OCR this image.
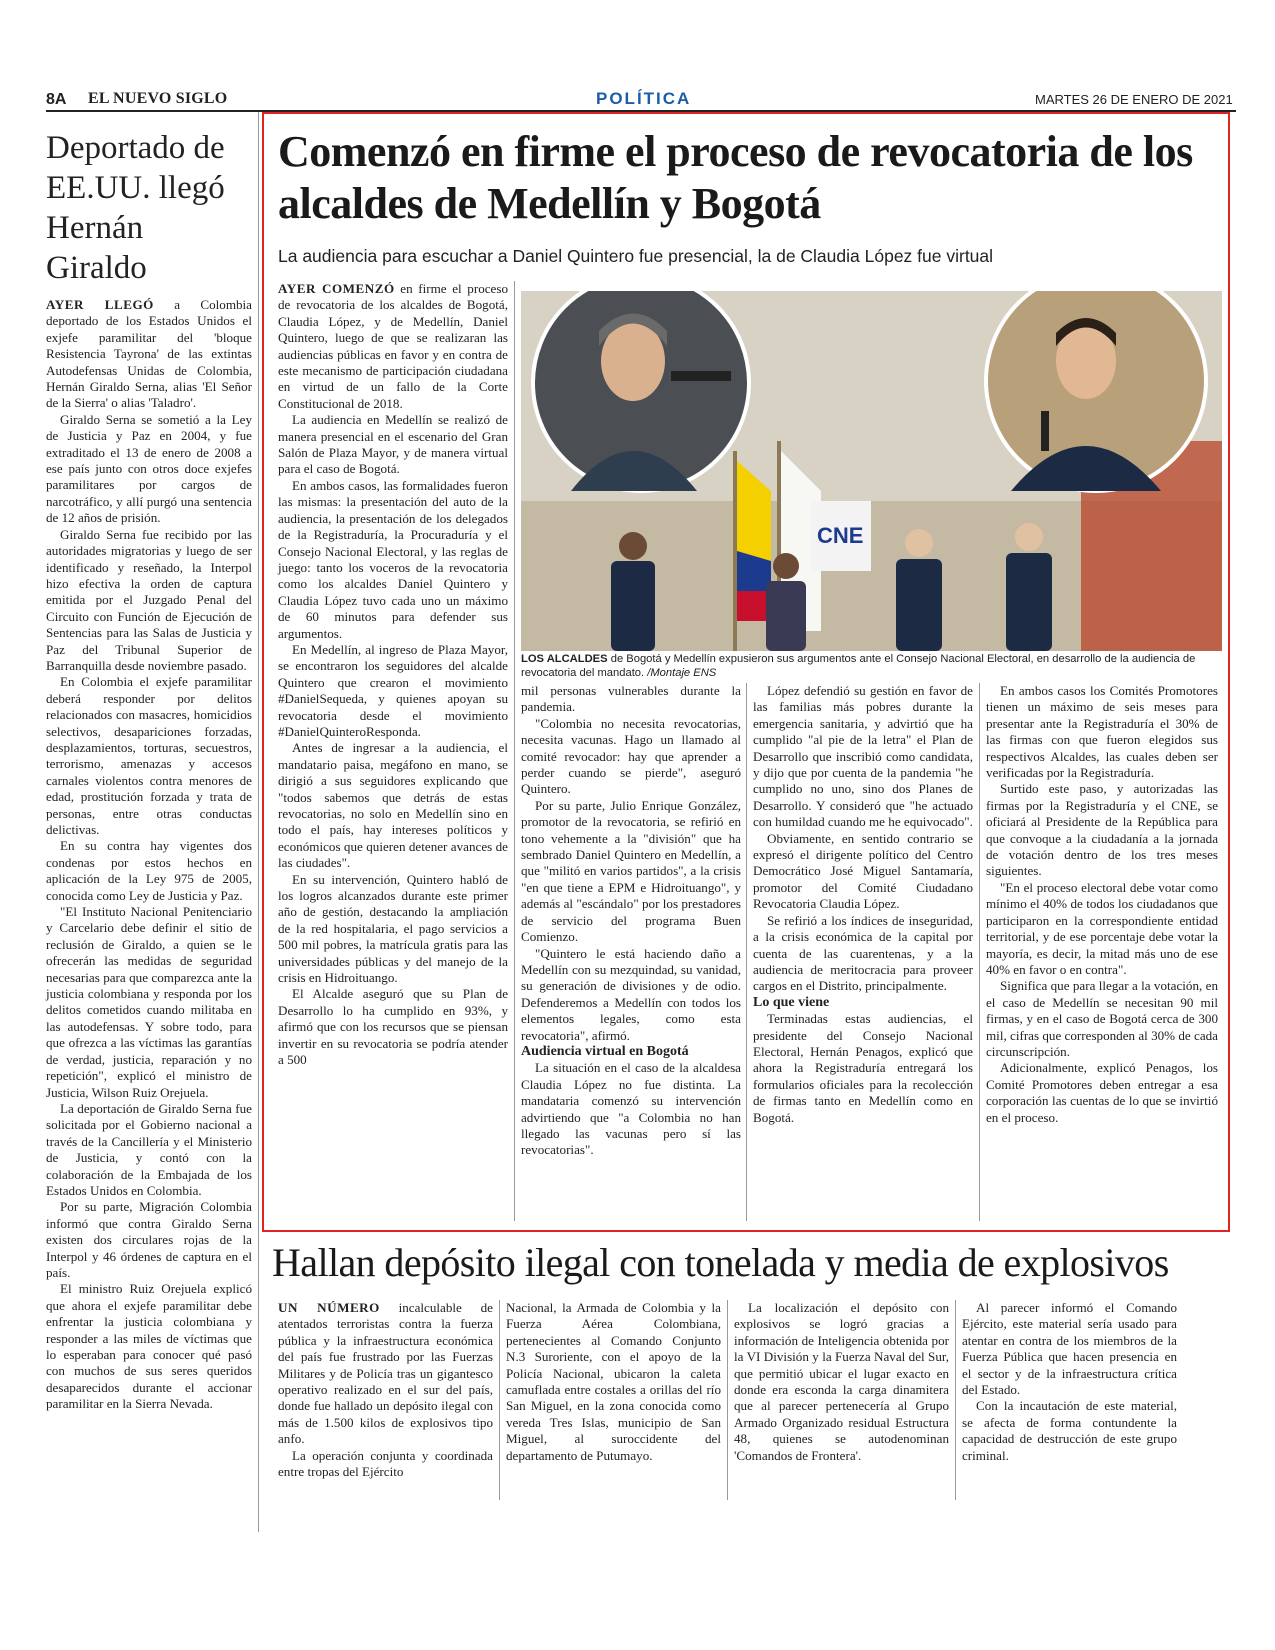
8A EL NUEVO SIGLO	POLÍTICA	MARTES 26 DE ENERO DE 2021
Deportado de EE.UU. llegó Hernán Giraldo

AYER LLEGÓ a Colombia deportado de los Estados Unidos el exjefe paramilitar del 'bloque Resistencia Tayrona' de las extintas Autodefensas Unidas de Colombia, Hernán Giraldo Serna, alias 'El Señor de la Sierra' o alias 'Taladro'.

Giraldo Serna se sometió a la Ley de Justicia y Paz en 2004, y fue extraditado el 13 de enero de 2008 a ese país junto con otros doce exjefes paramilitares por cargos de narcotráfico, y allí purgó una sentencia de 12 años de prisión.

Giraldo Serna fue recibido por las autoridades migratorias y luego de ser identificado y reseñado, la Interpol hizo efectiva la orden de captura emitida por el Juzgado Penal del Circuito con Función de Ejecución de Sentencias para las Salas de Justicia y Paz del Tribunal Superior de Barranquilla desde noviembre pasado.

En Colombia el exjefe paramilitar deberá responder por delitos relacionados con masacres, homicidios selectivos, desapariciones forzadas, desplazamientos, torturas, secuestros, terrorismo, amenazas y accesos carnales violentos contra menores de edad, prostitución forzada y trata de personas, entre otras conductas delictivas.

En su contra hay vigentes dos condenas por estos hechos en aplicación de la Ley 975 de 2005, conocida como Ley de Justicia y Paz.

"El Instituto Nacional Penitenciario y Carcelario debe definir el sitio de reclusión de Giraldo, a quien se le ofrecerán las medidas de seguridad necesarias para que comparezca ante la justicia colombiana y responda por los delitos cometidos cuando militaba en las autodefensas. Y sobre todo, para que ofrezca a las víctimas las garantías de verdad, justicia, reparación y no repetición", explicó el ministro de Justicia, Wilson Ruiz Orejuela.

La deportación de Giraldo Serna fue solicitada por el Gobierno nacional a través de la Cancillería y el Ministerio de Justicia, y contó con la colaboración de la Embajada de los Estados Unidos en Colombia.

Por su parte, Migración Colombia informó que contra Giraldo Serna existen dos circulares rojas de la Interpol y 46 órdenes de captura en el país.

El ministro Ruiz Orejuela explicó que ahora el exjefe paramilitar debe enfrentar la justicia colombiana y responder a las miles de víctimas que lo esperaban para conocer qué pasó con muchos de sus seres queridos desaparecidos durante el accionar paramilitar en la Sierra Nevada.

Comenzó en firme el proceso de revocatoria de los alcaldes de Medellín y Bogotá
La audiencia para escuchar a Daniel Quintero fue presencial, la de Claudia López fue virtual

AYER COMENZÓ en firme el proceso de revocatoria de los alcaldes de Bogotá, Claudia López, y de Medellín, Daniel Quintero, luego de que se realizaran las audiencias públicas en favor y en contra de este mecanismo de participación ciudadana en virtud de un fallo de la Corte Constitucional de 2018.

La audiencia en Medellín se realizó de manera presencial en el escenario del Gran Salón de Plaza Mayor, y de manera virtual para el caso de Bogotá.

En ambos casos, las formalidades fueron las mismas: la presentación del auto de la audiencia, la presentación de los delegados de la Registraduría, la Procuraduría y el Consejo Nacional Electoral, y las reglas de juego: tanto los voceros de la revocatoria como los alcaldes Daniel Quintero y Claudia López tuvo cada uno un máximo de 60 minutos para defender sus argumentos.

En Medellín, al ingreso de Plaza Mayor, se encontraron los seguidores del alcalde Quintero que crearon el movimiento #DanielSequeda, y quienes apoyan su revocatoria desde el movimiento #DanielQuinteroResponda.

Antes de ingresar a la audiencia, el mandatario paisa, megáfono en mano, se dirigió a sus seguidores explicando que "todos sabemos que detrás de estas revocatorias, no solo en Medellín sino en todo el país, hay intereses políticos y económicos que quieren detener avances de las ciudades".

En su intervención, Quintero habló de los logros alcanzados durante este primer año de gestión, destacando la ampliación de la red hospitalaria, el pago servicios a 500 mil pobres, la matrícula gratis para las universidades públicas y del manejo de la crisis en Hidroituango.

El Alcalde aseguró que su Plan de Desarrollo lo ha cumplido en 93%, y afirmó que con los recursos que se piensan invertir en su revocatoria se podría atender a 500

CNE
LOS ALCALDES de Bogotá y Medellín expusieron sus argumentos ante el Consejo Nacional Electoral, en desarrollo de la audiencia de revocatoria del mandato. /Montaje ENS

mil personas vulnerables durante la pandemia.

"Colombia no necesita revocatorias, necesita vacunas. Hago un llamado al comité revocador: hay que aprender a perder cuando se pierde", aseguró Quintero.

Por su parte, Julio Enrique González, promotor de la revocatoria, se refirió en tono vehemente a la "división" que ha sembrado Daniel Quintero en Medellín, a que "militó en varios partidos", a la crisis "en que tiene a EPM e Hidroituango", y además al "escándalo" por los prestadores de servicio del programa Buen Comienzo.

"Quintero le está haciendo daño a Medellín con su mezquindad, su vanidad, su generación de divisiones y de odio. Defenderemos a Medellín con todos los elementos legales, como esta revocatoria", afirmó.

Audiencia virtual en Bogotá

La situación en el caso de la alcaldesa Claudia López no fue distinta. La mandataria comenzó su intervención advirtiendo que "a Colombia no han llegado las vacunas pero sí las revocatorias".

López defendió su gestión en favor de las familias más pobres durante la emergencia sanitaria, y advirtió que ha cumplido "al pie de la letra" el Plan de Desarrollo que inscribió como candidata, y dijo que por cuenta de la pandemia "he cumplido no uno, sino dos Planes de Desarrollo. Y consideró que "he actuado con humildad cuando me he equivocado".

Obviamente, en sentido contrario se expresó el dirigente político del Centro Democrático José Miguel Santamaría, promotor del Comité Ciudadano Revocatoria Claudia López.

Se refirió a los índices de inseguridad, a la crisis económica de la capital por cuenta de las cuarentenas, y a la audiencia de meritocracia para proveer cargos en el Distrito, principalmente.

Lo que viene

Terminadas estas audiencias, el presidente del Consejo Nacional Electoral, Hernán Penagos, explicó que ahora la Registraduría entregará los formularios oficiales para la recolección de firmas tanto en Medellín como en Bogotá.

En ambos casos los Comités Promotores tienen un máximo de seis meses para presentar ante la Registraduría el 30% de las firmas con que fueron elegidos sus respectivos Alcaldes, las cuales deben ser verificadas por la Registraduría.

Surtido este paso, y autorizadas las firmas por la Registraduría y el CNE, se oficiará al Presidente de la República para que convoque a la ciudadanía a la jornada de votación dentro de los tres meses siguientes.

"En el proceso electoral debe votar como mínimo el 40% de todos los ciudadanos que participaron en la correspondiente entidad territorial, y de ese porcentaje debe votar la mayoría, es decir, la mitad más uno de ese 40% en favor o en contra".

Significa que para llegar a la votación, en el caso de Medellín se necesitan 90 mil firmas, y en el caso de Bogotá cerca de 300 mil, cifras que corresponden al 30% de cada circunscripción.

Adicionalmente, explicó Penagos, los Comité Promotores deben entregar a esa corporación las cuentas de lo que se invirtió en el proceso.

Hallan depósito ilegal con tonelada y media de explosivos

UN NÚMERO incalculable de atentados terroristas contra la fuerza pública y la infraestructura económica del país fue frustrado por las Fuerzas Militares y de Policía tras un gigantesco operativo realizado en el sur del país, donde fue hallado un depósito ilegal con más de 1.500 kilos de explosivos tipo anfo.

La operación conjunta y coordinada entre tropas del Ejército

Nacional, la Armada de Colombia y la Fuerza Aérea Colombiana, pertenecientes al Comando Conjunto N.3 Suroriente, con el apoyo de la Policía Nacional, ubicaron la caleta camuflada entre costales a orillas del río San Miguel, en la zona conocida como vereda Tres Islas, municipio de San Miguel, al suroccidente del departamento de Putumayo.

La localización el depósito con explosivos se logró gracias a información de Inteligencia obtenida por la VI División y la Fuerza Naval del Sur, que permitió ubicar el lugar exacto en donde era esconda la carga dinamitera que al parecer pertenecería al Grupo Armado Organizado residual Estructura 48, quienes se autodenominan 'Comandos de Frontera'.

Al parecer informó el Comando Ejército, este material sería usado para atentar en contra de los miembros de la Fuerza Pública que hacen presencia en el sector y de la infraestructura crítica del Estado.

Con la incautación de este material, se afecta de forma contundente la capacidad de destrucción de este grupo criminal.
